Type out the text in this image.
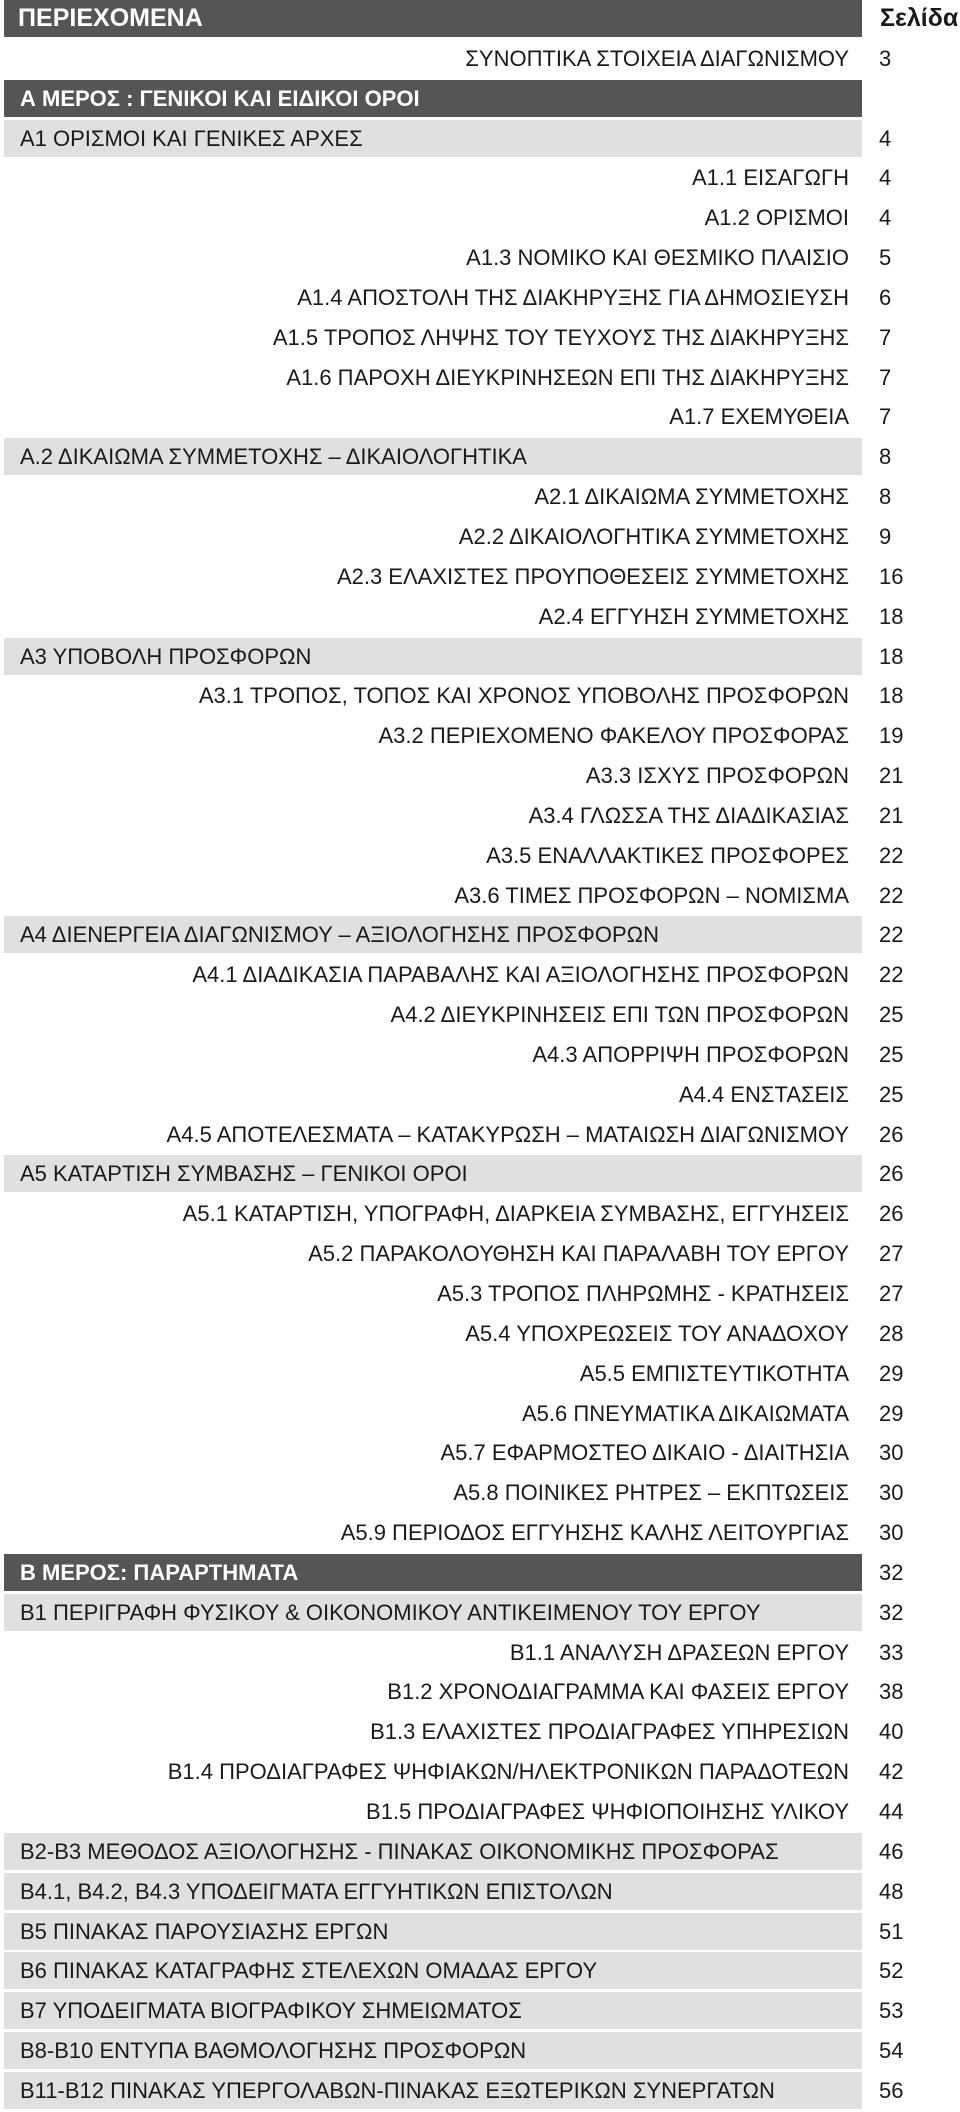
ΠΕΡΙΕΧΟΜΕΝΑ	Σελίδα
ΣΥΝΟΠΤΙΚΑ ΣΤΟΙΧΕΙΑ ΔΙΑΓΩΝΙΣΜΟΥ 3
Α ΜΕΡΟΣ : ΓΕΝΙΚΟΙ ΚΑΙ ΕΙΔΙΚΟΙ ΟΡΟΙ
Α1 ΟΡΙΣΜΟΙ ΚΑΙ ΓΕΝΙΚΕΣ ΑΡΧΕΣ	4
Α1.1 ΕΙΣΑΓΩΓΗ 4
Α1.2 ΟΡΙΣΜΟΙ 4
Α1.3 ΝΟΜΙΚΟ ΚΑΙ ΘΕΣΜΙΚΟ ΠΛΑΙΣΙΟ 5
Α1.4 ΑΠΟΣΤΟΛΗ ΤΗΣ ΔΙΑΚΗΡΥΞΗΣ ΓΙΑ ΔΗΜΟΣΙΕΥΣΗ 6
Α1.5 ΤΡΟΠΟΣ ΛΗΨΗΣ ΤΟΥ ΤΕΥΧΟΥΣ ΤΗΣ ΔΙΑΚΗΡΥΞΗΣ 7
Α1.6 ΠΑΡΟΧΗ ΔΙΕΥΚΡΙΝΗΣΕΩΝ ΕΠΙ ΤΗΣ ΔΙΑΚΗΡΥΞΗΣ 7
Α1.7 ΕΧΕΜΥΘΕΙΑ 7
Α.2 ΔΙΚΑΙΩΜΑ ΣΥΜΜΕΤΟΧΗΣ – ΔΙΚΑΙΟΛΟΓΗΤΙΚΑ	8
Α2.1 ΔΙΚΑΙΩΜΑ ΣΥΜΜΕΤΟΧΗΣ 8
Α2.2 ΔΙΚΑΙΟΛΟΓΗΤΙΚΑ ΣΥΜΜΕΤΟΧΗΣ 9
Α2.3 ΕΛΑΧΙΣΤΕΣ ΠΡΟΥΠΟΘΕΣΕΙΣ ΣΥΜΜΕΤΟΧΗΣ 16
Α2.4 ΕΓΓΥΗΣΗ ΣΥΜΜΕΤΟΧΗΣ 18
Α3 ΥΠΟΒΟΛΗ ΠΡΟΣΦΟΡΩΝ	18
Α3.1 ΤΡΟΠΟΣ, ΤΟΠΟΣ ΚΑΙ ΧΡΟΝΟΣ ΥΠΟΒΟΛΗΣ ΠΡΟΣΦΟΡΩΝ 18
Α3.2 ΠΕΡΙΕΧΟΜΕΝΟ ΦΑΚΕΛΟΥ ΠΡΟΣΦΟΡΑΣ 19
Α3.3 ΙΣΧΥΣ ΠΡΟΣΦΟΡΩΝ 21
Α3.4 ΓΛΩΣΣΑ ΤΗΣ ΔΙΑΔΙΚΑΣΙΑΣ 21
Α3.5 ΕΝΑΛΛΑΚΤΙΚΕΣ ΠΡΟΣΦΟΡΕΣ 22
Α3.6 ΤΙΜΕΣ ΠΡΟΣΦΟΡΩΝ – ΝΟΜΙΣΜΑ 22
Α4 ΔΙΕΝΕΡΓΕΙΑ ΔΙΑΓΩΝΙΣΜΟΥ – ΑΞΙΟΛΟΓΗΣΗΣ ΠΡΟΣΦΟΡΩΝ	22
Α4.1 ΔΙΑΔΙΚΑΣΙΑ ΠΑΡΑΒΑΛΗΣ ΚΑΙ ΑΞΙΟΛΟΓΗΣΗΣ ΠΡΟΣΦΟΡΩΝ 22
Α4.2 ΔΙΕΥΚΡΙΝΗΣΕΙΣ ΕΠΙ ΤΩΝ ΠΡΟΣΦΟΡΩΝ 25
Α4.3 ΑΠΟΡΡΙΨΗ ΠΡΟΣΦΟΡΩΝ 25
Α4.4 ΕΝΣΤΑΣΕΙΣ 25
Α4.5 ΑΠΟΤΕΛΕΣΜΑΤΑ – ΚΑΤΑΚΥΡΩΣΗ – ΜΑΤΑΙΩΣΗ ΔΙΑΓΩΝΙΣΜΟΥ 26
Α5 ΚΑΤΑΡΤΙΣΗ ΣΥΜΒΑΣΗΣ – ΓΕΝΙΚΟΙ ΟΡΟΙ	26
Α5.1 ΚΑΤΑΡΤΙΣΗ, ΥΠΟΓΡΑΦΗ, ΔΙΑΡΚΕΙΑ ΣΥΜΒΑΣΗΣ, ΕΓΓΥΗΣΕΙΣ 26
Α5.2 ΠΑΡΑΚΟΛΟΥΘΗΣΗ ΚΑΙ ΠΑΡΑΛΑΒΗ ΤΟΥ ΕΡΓΟΥ 27
Α5.3 ΤΡΟΠΟΣ ΠΛΗΡΩΜΗΣ - ΚΡΑΤΗΣΕΙΣ 27
Α5.4 ΥΠΟΧΡΕΩΣΕΙΣ ΤΟΥ ΑΝΑΔΟΧΟΥ 28
Α5.5 ΕΜΠΙΣΤΕΥΤΙΚΟΤΗΤΑ 29
Α5.6 ΠΝΕΥΜΑΤΙΚΑ ΔΙΚΑΙΩΜΑΤΑ 29
Α5.7 ΕΦΑΡΜΟΣΤΕΟ ΔΙΚΑΙΟ - ΔΙΑΙΤΗΣΙΑ 30
Α5.8 ΠΟΙΝΙΚΕΣ ΡΗΤΡΕΣ – ΕΚΠΤΩΣΕΙΣ 30
Α5.9 ΠΕΡΙΟΔΟΣ ΕΓΓΥΗΣΗΣ ΚΑΛΗΣ ΛΕΙΤΟΥΡΓΙΑΣ 30
Β ΜΕΡΟΣ: ΠΑΡΑΡΤΗΜΑΤΑ	32
Β1 ΠΕΡΙΓΡΑΦΗ ΦΥΣΙΚΟΥ & ΟΙΚΟΝΟΜΙΚΟΥ ΑΝΤΙΚΕΙΜΕΝΟΥ ΤΟΥ ΕΡΓΟΥ	32
Β1.1 ΑΝΑΛΥΣΗ ΔΡΑΣΕΩΝ ΕΡΓΟΥ 33
Β1.2 ΧΡΟΝΟΔΙΑΓΡΑΜΜΑ ΚΑΙ ΦΑΣΕΙΣ ΕΡΓΟΥ 38
Β1.3 ΕΛΑΧΙΣΤΕΣ ΠΡΟΔΙΑΓΡΑΦΕΣ ΥΠΗΡΕΣΙΩΝ 40
Β1.4 ΠΡΟΔΙΑΓΡΑΦΕΣ ΨΗΦΙΑΚΩΝ/ΗΛΕΚΤΡΟΝΙΚΩΝ ΠΑΡΑΔΟΤΕΩΝ 42
Β1.5 ΠΡΟΔΙΑΓΡΑΦΕΣ ΨΗΦΙΟΠΟΙΗΣΗΣ ΥΛΙΚΟΥ 44
Β2-Β3 ΜΕΘΟΔΟΣ ΑΞΙΟΛΟΓΗΣΗΣ - ΠΙΝΑΚΑΣ ΟΙΚΟΝΟΜΙΚΗΣ ΠΡΟΣΦΟΡΑΣ	46
Β4.1, Β4.2, Β4.3 ΥΠΟΔΕΙΓΜΑΤΑ ΕΓΓΥΗΤΙΚΩΝ ΕΠΙΣΤΟΛΩΝ	48
Β5 ΠΙΝΑΚΑΣ ΠΑΡΟΥΣΙΑΣΗΣ ΕΡΓΩΝ	51
Β6 ΠΙΝΑΚΑΣ ΚΑΤΑΓΡΑΦΗΣ ΣΤΕΛΕΧΩΝ ΟΜΑΔΑΣ ΕΡΓΟΥ	52
Β7 ΥΠΟΔΕΙΓΜΑΤΑ ΒΙΟΓΡΑΦΙΚΟΥ ΣΗΜΕΙΩΜΑΤΟΣ	53
Β8-Β10 ΕΝΤΥΠΑ ΒΑΘΜΟΛΟΓΗΣΗΣ ΠΡΟΣΦΟΡΩΝ	54
Β11-Β12 ΠΙΝΑΚΑΣ ΥΠΕΡΓΟΛΑΒΩΝ-ΠΙΝΑΚΑΣ ΕΞΩΤΕΡΙΚΩΝ ΣΥΝΕΡΓΑΤΩΝ	56
